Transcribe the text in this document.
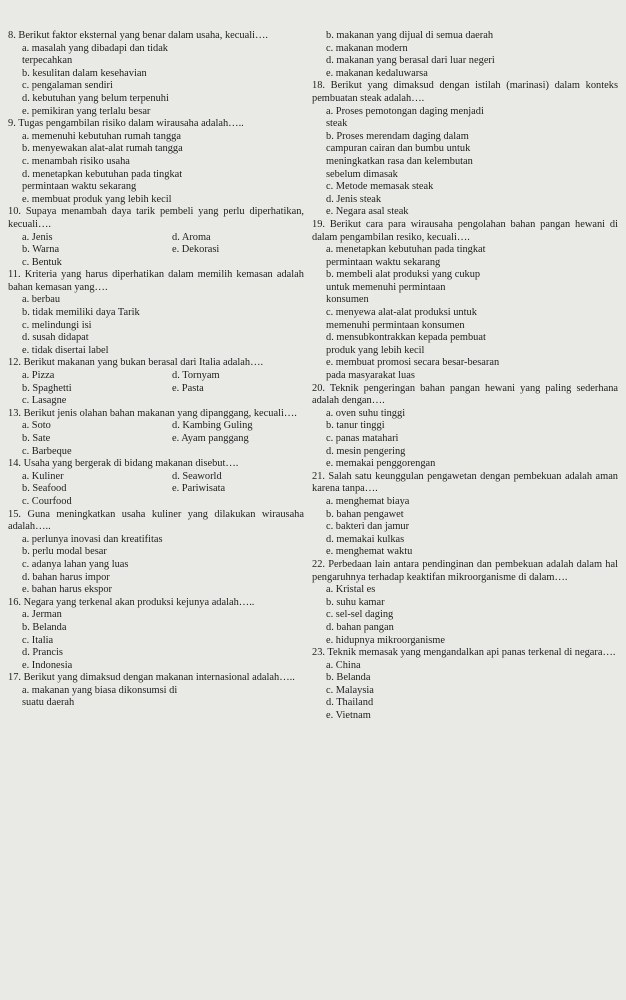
8. Berikut faktor eksternal yang benar dalam usaha, kecuali….
a. masalah yang dibadapi dan tidak
terpecahkan
b. kesulitan dalam kesehavian
c. pengalaman sendiri
d. kebutuhan yang belum terpenuhi
e. pemikiran yang terlalu besar
9. Tugas pengambilan risiko dalam wirausaha adalah…..
a. memenuhi kebutuhan rumah tangga
b. menyewakan alat-alat rumah tangga
c. menambah risiko usaha
d. menetapkan kebutuhan pada tingkat
permintaan waktu sekarang
e. membuat produk yang lebih kecil
10. Supaya menambah daya tarik pembeli yang perlu diperhatikan, kecuali….
a. Jenis	d. Aroma
b. Warna	e. Dekorasi
c. Bentuk
11. Kriteria yang harus diperhatikan dalam memilih kemasan adalah bahan kemasan yang….
a. berbau
b. tidak memiliki daya Tarik
c. melindungi isi
d. susah didapat
e. tidak disertai label
12. Berikut makanan yang bukan berasal dari Italia adalah….
a. Pizza	d. Tornyam
b. Spaghetti	e. Pasta
c. Lasagne
13. Berikut jenis olahan bahan makanan yang dipanggang, kecuali….
a. Soto	d. Kambing Guling
b. Sate	e. Ayam panggang
c. Barbeque
14. Usaha yang bergerak di bidang makanan disebut….
a. Kuliner	d. Seaworld
b. Seafood	e. Pariwisata
c. Courfood
15. Guna meningkatkan usaha kuliner yang dilakukan wirausaha adalah…..
a. perlunya inovasi dan kreatifitas
b. perlu modal besar
c. adanya lahan yang luas
d. bahan harus impor
e. bahan harus ekspor
16. Negara yang terkenal akan produksi kejunya adalah…..
a. Jerman
b. Belanda
c. Italia
d. Prancis
e. Indonesia
17. Berikut yang dimaksud dengan makanan internasional adalah…..
a. makanan yang biasa dikonsumsi di
suatu daerah
b. makanan yang dijual di semua daerah
c. makanan modern
d. makanan yang berasal dari luar negeri
e. makanan kedaluwarsa
18. Berikut yang dimaksud dengan istilah (marinasi) dalam konteks pembuatan steak adalah….
a. Proses pemotongan daging menjadi
steak
b. Proses merendam daging dalam
campuran cairan dan bumbu untuk
meningkatkan rasa dan kelembutan
sebelum dimasak
c. Metode memasak steak
d. Jenis steak
e. Negara asal steak
19. Berikut cara para wirausaha pengolahan bahan pangan hewani di dalam pengambilan resiko, kecuali….
a. menetapkan kebutuhan pada tingkat
permintaan waktu sekarang
b. membeli alat produksi yang cukup
untuk memenuhi permintaan
konsumen
c. menyewa alat-alat produksi untuk
memenuhi permintaan konsumen
d. mensubkontrakkan kepada pembuat
produk yang lebih kecil
e. membuat promosi secara besar-besaran
pada masyarakat luas
20. Teknik pengeringan bahan pangan hewani yang paling sederhana adalah dengan….
a. oven suhu tinggi
b. tanur tinggi
c. panas matahari
d. mesin pengering
e. memakai penggorengan
21. Salah satu keunggulan pengawetan dengan pembekuan adalah aman karena tanpa….
a. menghemat biaya
b. bahan pengawet
c. bakteri dan jamur
d. memakai kulkas
e. menghemat waktu
22. Perbedaan lain antara pendinginan dan pembekuan adalah dalam hal pengaruhnya terhadap keaktifan mikroorganisme di dalam….
a. Kristal es
b. suhu kamar
c. sel-sel daging
d. bahan pangan
e. hidupnya mikroorganisme
23. Teknik memasak yang mengandalkan api panas terkenal di negara….
a. China
b. Belanda
c. Malaysia
d. Thailand
e. Vietnam
